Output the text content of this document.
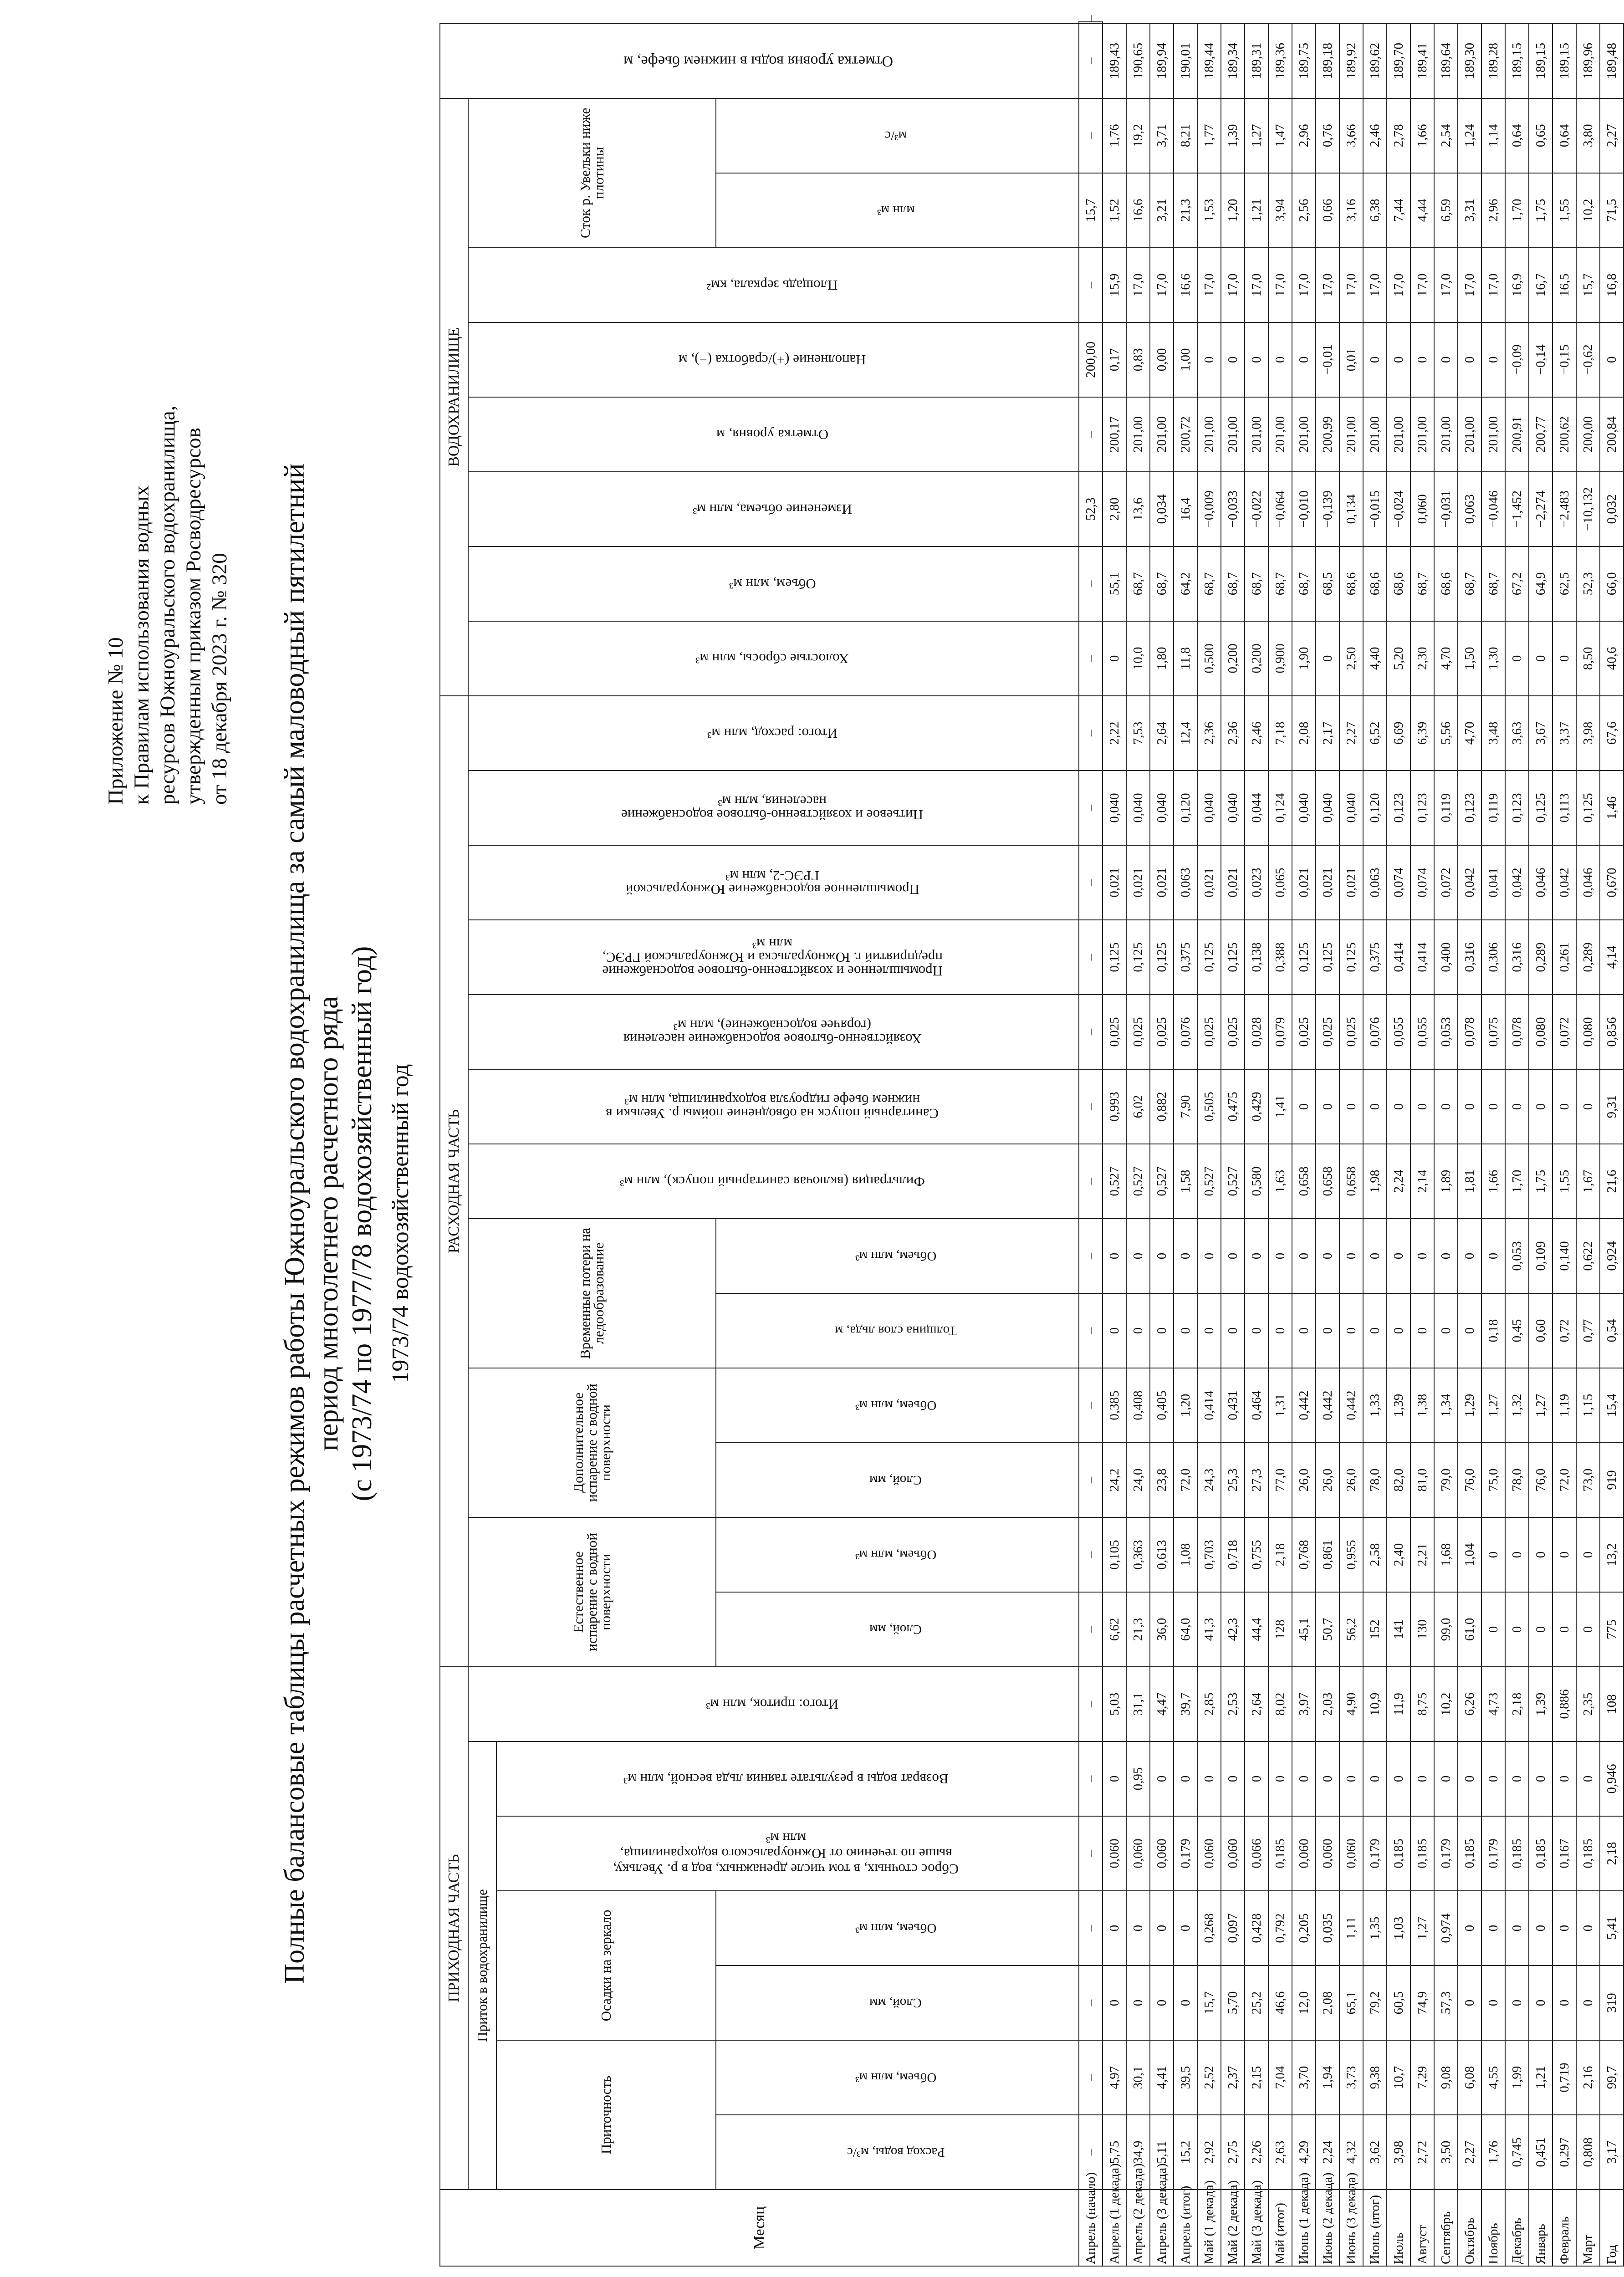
Приложение № 10 к Правилам использования водных ресурсов Южноуральского водохранилища, утвержденным приказом Росводресурсов от 18 декабря 2023 г. № 320 Полные балансовые таблицы расчетных режимов работы Южноуральского водохранилища за самый маловодный пятилетний период многолетнего расчетного ряда (с 1973/74 по 1977/78 водохозяйственный год) 1973/74 водохозяйственный год
Месяц	ПРИХОДНАЯ ЧАСТЬ							РАСХОДНАЯ ЧАСТЬ													ВОДОХРАНИЛИЩЕ								Отметка уровня воды в нижнем бьефе, м	
	Приток в водохранилище						Итого: приток, млн м³	Естественное испарение с водной поверхности		Дополнительное испарение с водной поверхности		Временные потери на ледообразование		Фильтрация (включая санитарный попуск), млн м³	Санитарный попуск на обводнение поймы р. Увельки в нижнем бьефе гидроузла водохранилища, млн м³	Хозяйственно-бытовое водоснабжение населения (горячее водоснабжение), млн м³	Промышленное и хозяйственно-бытовое водоснабжение предприятий г. Южноуральска и Южноуральской ГРЭС, млн м³	Промышленное водоснабжение Южноуральской ГРЭС-2, млн м³	Питьевое и хозяйственно-бытовое водоснабжение населения, млн м³	Итого: расход, млн м³	Холостые сбросы, млн м³	Объем, млн м³	Изменение объема, млн м³	Отметка уровня, м	Наполнение (+)/сработка (−), м	Площадь зеркала, км²	Сток р. Увельки ниже плотины			
	Приточность		Осадки на зеркало		Сброс сточных, в том числе дренажных, вод в р. Увельку, выше по течению от Южноуральского водохранилища, млн м³	Возврат воды в результате таяния льда весной, млн м³																								
	Расход воды, м³/с	Объем, млн м³	Слой, мм	Объем, млн м³				Слой, мм	Объем, млн м³	Слой, мм	Объем, млн м³	Толщина слоя льда, м	Объем, млн м³														млн м³	м³/с		
Апрель (начало)	–	–	–	–	–	–	–	–	–	–	–	–	–	–	–	–	–	–	–	–	–	–	52,3	–	200,00	–	15,7	–	–	–
Апрель (1 декада)	5,75	4,97	0	0	0,060	0	5,03	6,62	0,105	24,2	0,385	0	0	0,527	0,993	0,025	0,125	0,021	0,040	2,22	0	55,1	2,80	200,17	0,17	15,9	1,52	1,76	189,43	
Апрель (2 декада)	34,9	30,1	0	0	0,060	0,95	31,1	21,3	0,363	24,0	0,408	0	0	0,527	6,02	0,025	0,125	0,021	0,040	7,53	10,0	68,7	13,6	201,00	0,83	17,0	16,6	19,2	190,65	
Апрель (3 декада)	5,11	4,41	0	0	0,060	0	4,47	36,0	0,613	23,8	0,405	0	0	0,527	0,882	0,025	0,125	0,021	0,040	2,64	1,80	68,7	0,034	201,00	0,00	17,0	3,21	3,71	189,94	
Апрель (итог)	15,2	39,5	0	0	0,179	0	39,7	64,0	1,08	72,0	1,20	0	0	1,58	7,90	0,076	0,375	0,063	0,120	12,4	11,8	64,2	16,4	200,72	1,00	16,6	21,3	8,21	190,01	
Май (1 декада)	2,92	2,52	15,7	0,268	0,060	0	2,85	41,3	0,703	24,3	0,414	0	0	0,527	0,505	0,025	0,125	0,021	0,040	2,36	0,500	68,7	−0,009	201,00	0	17,0	1,53	1,77	189,44	
Май (2 декада)	2,75	2,37	5,70	0,097	0,060	0	2,53	42,3	0,718	25,3	0,431	0	0	0,527	0,475	0,025	0,125	0,021	0,040	2,36	0,200	68,7	−0,033	201,00	0	17,0	1,20	1,39	189,34	
Май (3 декада)	2,26	2,15	25,2	0,428	0,066	0	2,64	44,4	0,755	27,3	0,464	0	0	0,580	0,429	0,028	0,138	0,023	0,044	2,46	0,200	68,7	−0,022	201,00	0	17,0	1,21	1,27	189,31	
Май (итог)	2,63	7,04	46,6	0,792	0,185	0	8,02	128	2,18	77,0	1,31	0	0	1,63	1,41	0,079	0,388	0,065	0,124	7,18	0,900	68,7	−0,064	201,00	0	17,0	3,94	1,47	189,36	
Июнь (1 декада)	4,29	3,70	12,0	0,205	0,060	0	3,97	45,1	0,768	26,0	0,442	0	0	0,658	0	0,025	0,125	0,021	0,040	2,08	1,90	68,7	−0,010	201,00	0	17,0	2,56	2,96	189,75	
Июнь (2 декада)	2,24	1,94	2,08	0,035	0,060	0	2,03	50,7	0,861	26,0	0,442	0	0	0,658	0	0,025	0,125	0,021	0,040	2,17	0	68,5	−0,139	200,99	−0,01	17,0	0,66	0,76	189,18	
Июнь (3 декада)	4,32	3,73	65,1	1,11	0,060	0	4,90	56,2	0,955	26,0	0,442	0	0	0,658	0	0,025	0,125	0,021	0,040	2,27	2,50	68,6	0,134	201,00	0,01	17,0	3,16	3,66	189,92	
Июнь (итог)	3,62	9,38	79,2	1,35	0,179	0	10,9	152	2,58	78,0	1,33	0	0	1,98	0	0,076	0,375	0,063	0,120	6,52	4,40	68,6	−0,015	201,00	0	17,0	6,38	2,46	189,62	
Июль	3,98	10,7	60,5	1,03	0,185	0	11,9	141	2,40	82,0	1,39	0	0	2,24	0	0,055	0,414	0,074	0,123	6,69	5,20	68,6	−0,024	201,00	0	17,0	7,44	2,78	189,70	
Август	2,72	7,29	74,9	1,27	0,185	0	8,75	130	2,21	81,0	1,38	0	0	2,14	0	0,055	0,414	0,074	0,123	6,39	2,30	68,7	0,060	201,00	0	17,0	4,44	1,66	189,41	
Сентябрь	3,50	9,08	57,3	0,974	0,179	0	10,2	99,0	1,68	79,0	1,34	0	0	1,89	0	0,053	0,400	0,072	0,119	5,56	4,70	68,6	−0,031	201,00	0	17,0	6,59	2,54	189,64	
Октябрь	2,27	6,08	0	0	0,185	0	6,26	61,0	1,04	76,0	1,29	0	0	1,81	0	0,078	0,316	0,042	0,123	4,70	1,50	68,7	0,063	201,00	0	17,0	3,31	1,24	189,30	
Ноябрь	1,76	4,55	0	0	0,179	0	4,73	0	0	75,0	1,27	0,18	0	1,66	0	0,075	0,306	0,041	0,119	3,48	1,30	68,7	−0,046	201,00	0	17,0	2,96	1,14	189,28	
Декабрь	0,745	1,99	0	0	0,185	0	2,18	0	0	78,0	1,32	0,45	0,053	1,70	0	0,078	0,316	0,042	0,123	3,63	0	67,2	−1,452	200,91	−0,09	16,9	1,70	0,64	189,15	
Январь	0,451	1,21	0	0	0,185	0	1,39	0	0	76,0	1,27	0,60	0,109	1,75	0	0,080	0,289	0,046	0,125	3,67	0	64,9	−2,274	200,77	−0,14	16,7	1,75	0,65	189,15	
Февраль	0,297	0,719	0	0	0,167	0	0,886	0	0	72,0	1,19	0,72	0,140	1,55	0	0,072	0,261	0,042	0,113	3,37	0	62,5	−2,483	200,62	−0,15	16,5	1,55	0,64	189,15	
Март	0,808	2,16	0	0	0,185	0	2,35	0	0	73,0	1,15	0,77	0,622	1,67	0	0,080	0,289	0,046	0,125	3,98	8,50	52,3	−10,132	200,00	−0,62	15,7	10,2	3,80	189,96	
Год	3,17	99,7	319	5,41	2,18	0,946	108	775	13,2	919	15,4	0,54	0,924	21,6	9,31	0,856	4,14	0,670	1,46	67,6	40,6	66,0	0,032	200,84	0	16,8	71,5	2,27	189,48	
